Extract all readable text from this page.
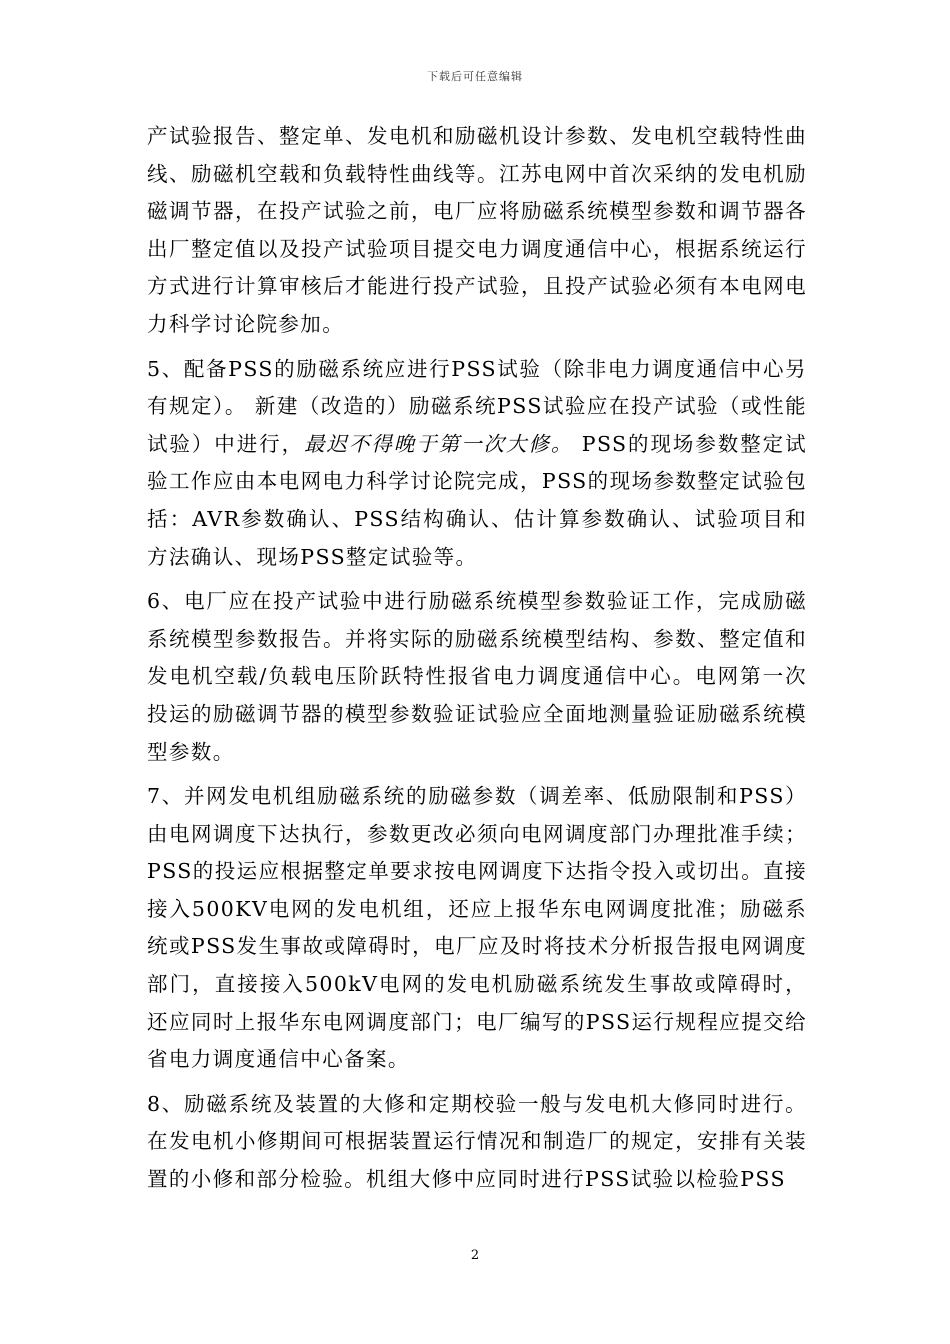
下载后可任意编辑

产试验报告、整定单、发电机和励磁机设计参数、发电机空载特性曲线、励磁机空载和负载特性曲线等。江苏电网中首次采纳的发电机励磁调节器，在投产试验之前，电厂应将励磁系统模型参数和调节器各出厂整定值以及投产试验项目提交电力调度通信中心，根据系统运行方式进行计算审核后才能进行投产试验，且投产试验必须有本电网电力科学讨论院参加。

5、配备PSS的励磁系统应进行PSS试验（除非电力调度通信中心另有规定）。 新建（改造的）励磁系统PSS试验应在投产试验（或性能试验）中进行，最迟不得晚于第一次大修。 PSS的现场参数整定试验工作应由本电网电力科学讨论院完成，PSS的现场参数整定试验包括：AVR参数确认、PSS结构确认、估计算参数确认、试验项目和方法确认、现场PSS整定试验等。

6、电厂应在投产试验中进行励磁系统模型参数验证工作，完成励磁系统模型参数报告。并将实际的励磁系统模型结构、参数、整定值和发电机空载/负载电压阶跃特性报省电力调度通信中心。电网第一次投运的励磁调节器的模型参数验证试验应全面地测量验证励磁系统模型参数。

7、并网发电机组励磁系统的励磁参数（调差率、低励限制和PSS）由电网调度下达执行，参数更改必须向电网调度部门办理批准手续；PSS的投运应根据整定单要求按电网调度下达指令投入或切出。直接接入500KV电网的发电机组，还应上报华东电网调度批准；励磁系统或PSS发生事故或障碍时，电厂应及时将技术分析报告报电网调度部门，直接接入500kV电网的发电机励磁系统发生事故或障碍时，还应同时上报华东电网调度部门；电厂编写的PSS运行规程应提交给省电力调度通信中心备案。

8、励磁系统及装置的大修和定期校验一般与发电机大修同时进行。在发电机小修期间可根据装置运行情况和制造厂的规定，安排有关装置的小修和部分检验。机组大修中应同时进行PSS试验以检验PSS

2
